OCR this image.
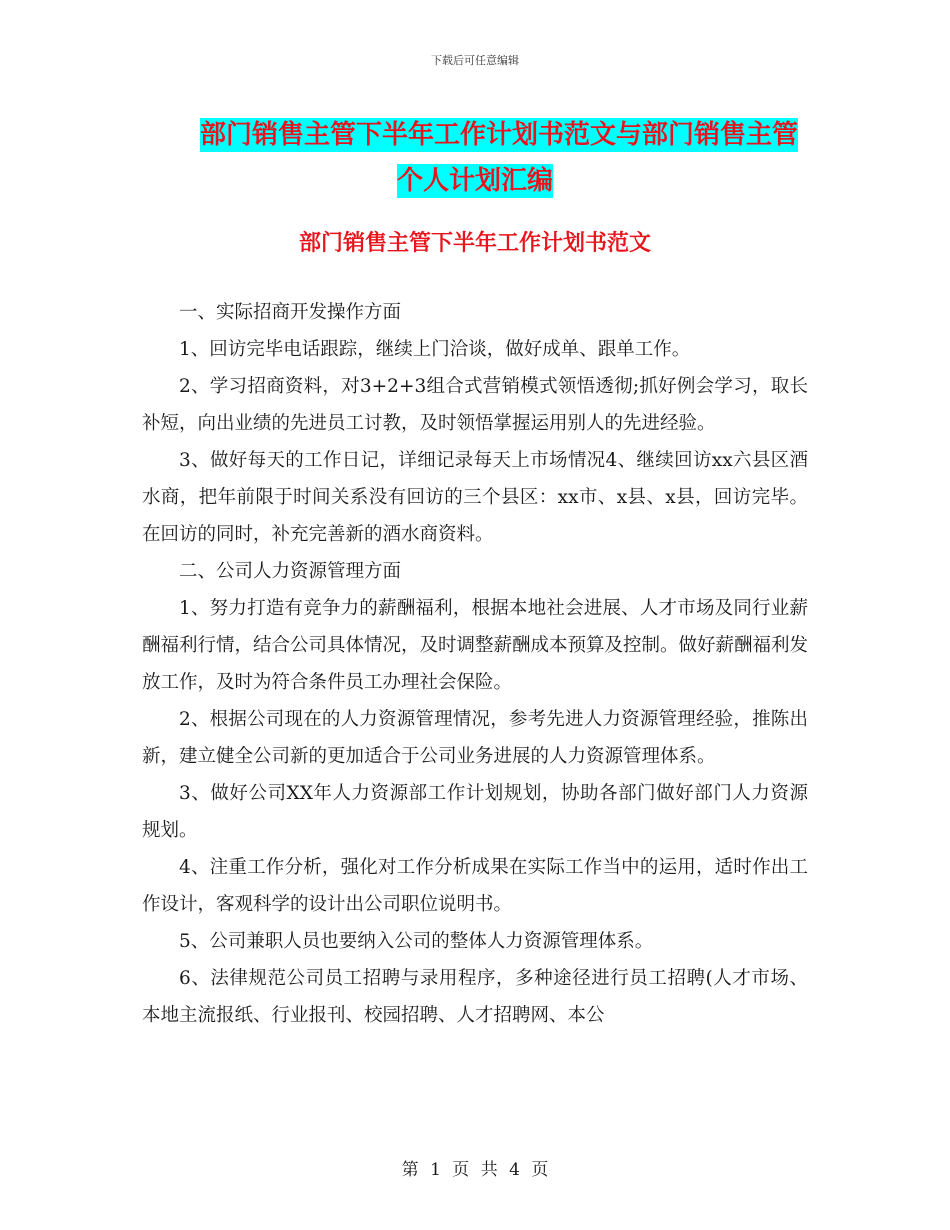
下载后可任意编辑
部门销售主管下半年工作计划书范文与部门销售主管
个人计划汇编
部门销售主管下半年工作计划书范文

一、实际招商开发操作方面

1、回访完毕电话跟踪，继续上门洽谈，做好成单、跟单工作。

2、学习招商资料，对3+2+3组合式营销模式领悟透彻;抓好例会学习，取长补短，向出业绩的先进员工讨教，及时领悟掌握运用别人的先进经验。

3、做好每天的工作日记，详细记录每天上市场情况4、继续回访xx六县区酒水商，把年前限于时间关系没有回访的三个县区：xx市、x县、x县，回访完毕。在回访的同时，补充完善新的酒水商资料。

二、公司人力资源管理方面

1、努力打造有竞争力的薪酬福利，根据本地社会进展、人才市场及同行业薪酬福利行情，结合公司具体情况，及时调整薪酬成本预算及控制。做好薪酬福利发放工作，及时为符合条件员工办理社会保险。

2、根据公司现在的人力资源管理情况，参考先进人力资源管理经验，推陈出新，建立健全公司新的更加适合于公司业务进展的人力资源管理体系。

3、做好公司XX年人力资源部工作计划规划，协助各部门做好部门人力资源规划。

4、注重工作分析，强化对工作分析成果在实际工作当中的运用，适时作出工作设计，客观科学的设计出公司职位说明书。

5、公司兼职人员也要纳入公司的整体人力资源管理体系。

6、法律规范公司员工招聘与录用程序，多种途径进行员工招聘(人才市场、本地主流报纸、行业报刊、校园招聘、人才招聘网、本公

第 1 页 共 4 页
